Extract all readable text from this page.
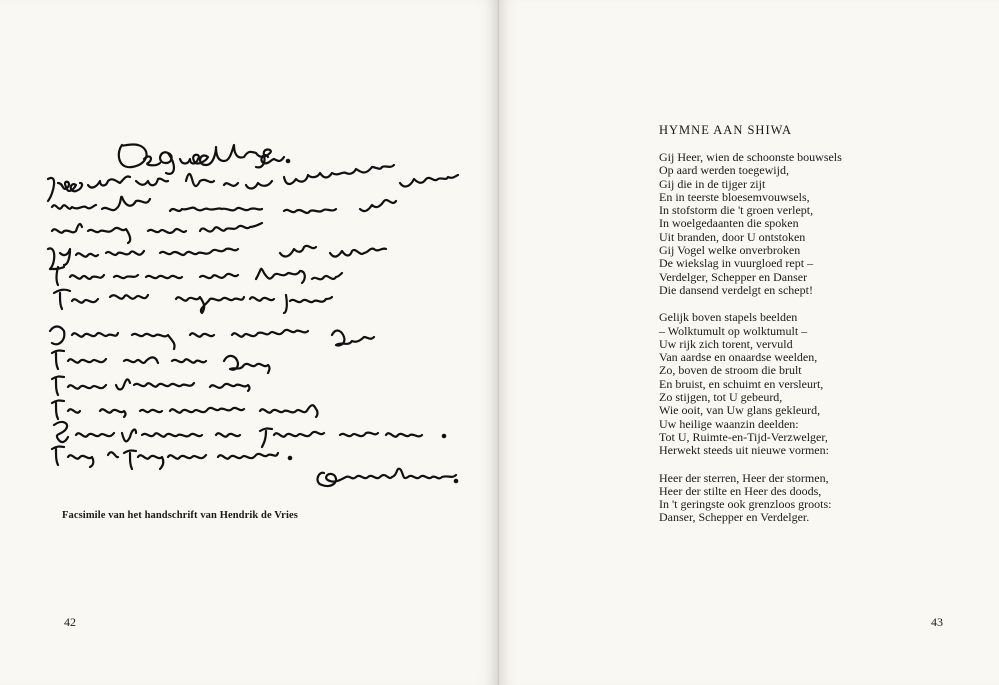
Facsimile van het handschrift van Hendrik de Vries
42
HYMNE AAN SHIWA
Gij Heer, wien de schoonste bouwsels
Op aard werden toegewijd,
Gij die in de tijger zijt
En in teerste bloesemvouwsels,
In stofstorm die 't groen verlept,
In woelgedaanten die spoken
Uit branden, door U ontstoken
Gij Vogel welke onverbroken
De wiekslag in vuurgloed rept –
Verdelger, Schepper en Danser
Die dansend verdelgt en schept!
Gelijk boven stapels beelden
– Wolktumult op wolktumult –
Uw rijk zich torent, vervuld
Van aardse en onaardse weelden,
Zo, boven de stroom die brult
En bruist, en schuimt en versleurt,
Zo stijgen, tot U gebeurd,
Wie ooit, van Uw glans gekleurd,
Uw heilige waanzin deelden:
Tot U, Ruimte-en-Tijd-Verzwelger,
Herwekt steeds uit nieuwe vormen:
Heer der sterren, Heer der stormen,
Heer der stilte en Heer des doods,
In 't geringste ook grenzloos groots:
Danser, Schepper en Verdelger.
43
